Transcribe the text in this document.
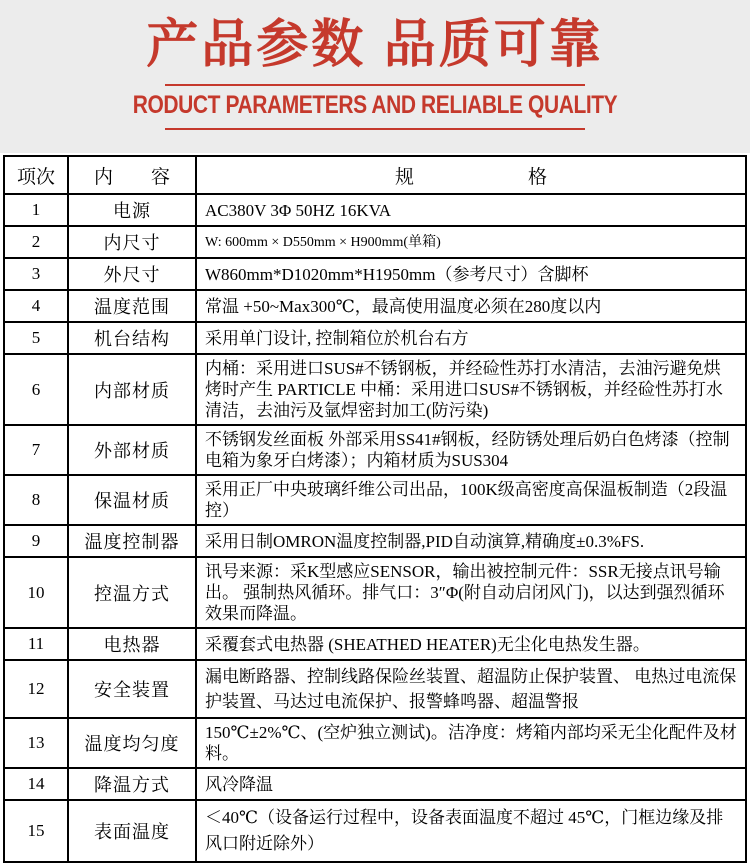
产品参数 品质可靠
RODUCT PARAMETERS AND RELIABLE QUALITY
项次	内　　容	规　　　　　　格
1	电源	AC380V 3Φ 50HZ 16KVA
2	内尺寸	W: 600mm × D550mm × H900mm(单箱)
3	外尺寸	W860mm*D1020mm*H1950mm（参考尺寸）含脚杯
4	温度范围	常温 +50~Max300℃，最高使用温度必须在280度以内
5	机台结构	采用单门设计, 控制箱位於机台右方
6	内部材质	内桶：采用进口SUS#不锈钢板，并经硷性苏打水清洁，去油污避免烘烤时产生 PARTICLE 中桶：采用进口SUS#不锈钢板，并经硷性苏打水清洁，去油污及氩焊密封加工(防污染)
7	外部材质	不锈钢发丝面板 外部采用SS41#钢板，经防锈处理后奶白色烤漆（控制电箱为象牙白烤漆）；内箱材质为SUS304
8	保温材质	采用正厂中央玻璃纤维公司出品，100K级高密度高保温板制造（2段温控）
9	温度控制器	采用日制OMRON温度控制器,PID自动演算,精确度±0.3%FS.
10	控温方式	讯号来源：采K型感应SENSOR，输出被控制元件：SSR无接点讯号输出。 强制热风循环。排气口：3″Φ(附自动启闭风门)，以达到强烈循环效果而降温。
11	电热器	采覆套式电热器 (SHEATHED HEATER)无尘化电热发生器。
12	安全装置	漏电断路器、控制线路保险丝装置、超温防止保护装置、 电热过电流保护装置、马达过电流保护、报警蜂鸣器、超温警报
13	温度均匀度	150℃±2%℃、(空炉独立测试)。洁净度：烤箱内部均采无尘化配件及材料。
14	降温方式	风冷降温
15	表面温度	＜40℃（设备运行过程中，设备表面温度不超过 45℃，门框边缘及排风口附近除外）
